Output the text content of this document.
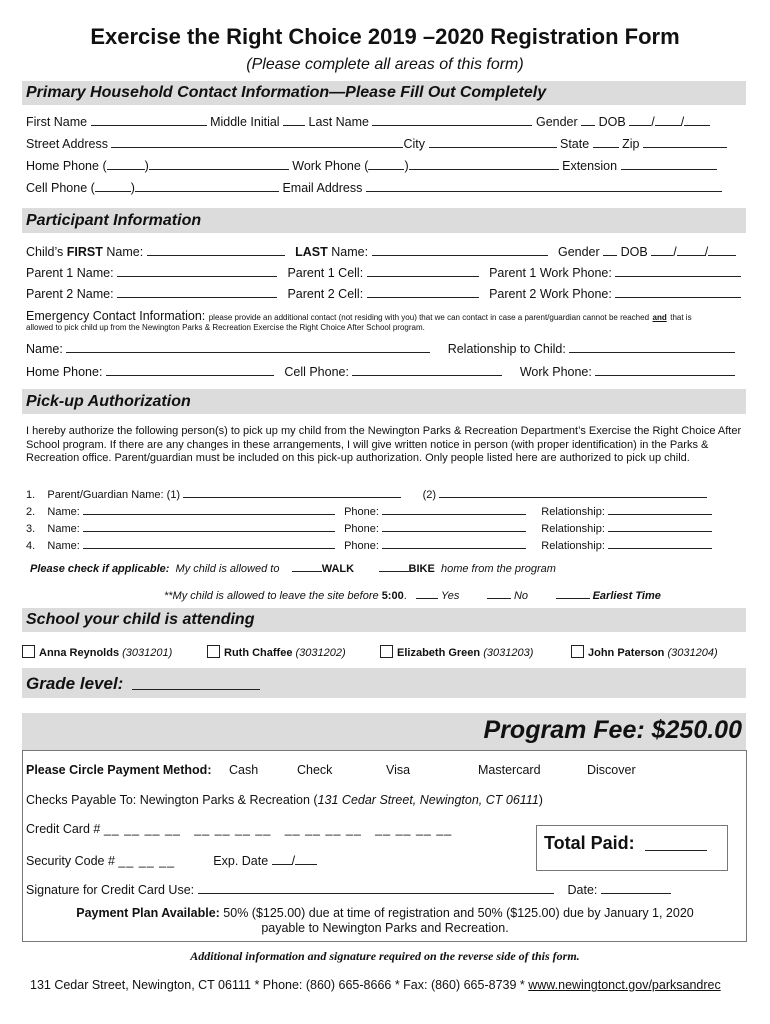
Exercise the Right Choice 2019 –2020 Registration Form
(Please complete all areas of this form)
Primary Household Contact Information—Please Fill Out Completely
First Name	Middle Initial Last Name	Gender DOB / /
Street Address	City	State	Zip
Home Phone (	)	Work Phone (	)	Extension
Cell Phone (	)	Email Address
Participant Information
Child’s FIRST Name:	LAST Name:	Gender DOB / /
Parent 1 Name:	Parent 1 Cell:	Parent 1 Work Phone:
Parent 2 Name:	Parent 2 Cell:	Parent 2 Work Phone:
Emergency Contact Information: please provide an additional contact (not residing with you) that we can contact in case a parent/guardian cannot be reached and that is
allowed to pick child up from the Newington Parks & Recreation Exercise the Right Choice After School program.
Name:	Relationship to Child:
Home Phone:	Cell Phone:	Work Phone:
Pick-up Authorization
I hereby authorize the following person(s) to pick up my child from the Newington Parks & Recreation Department’s Exercise the Right Choice After School program. If there are any changes in these arrangements, I will give written notice in person (with proper identification) in the Parks & Recreation office. Parent/guardian must be included on this pick-up authorization. Only people listed here are authorized to pick up child.
1. Parent/Guardian Name: (1)	(2)
2. Name:	Phone:	Relationship:
3. Name:	Phone:	Relationship:
4. Name:	Phone:	Relationship:
Please check if applicable: My child is allowed to	WALK	BIKE home from the program
**My child is allowed to leave the site before 5:00.    Yes	No	Earliest Time
School your child is attending
Anna Reynolds (3031201)	Ruth Chaffee (3031202)	Elizabeth Green (3031203)	John Paterson (3031204)
Grade level:
Program Fee: $250.00
Please Circle Payment Method: Cash	Check	Visa	Mastercard	Discover
Checks Payable To: Newington Parks & Recreation (131 Cedar Street, Newington, CT 06111)
Credit Card # __ __ __ __   __ __ __ __   __ __ __ __   __ __ __ __
Total Paid:
Security Code # __ __ __	Exp. Date /
Signature for Credit Card Use:	Date:
Payment Plan Available: 50% ($125.00) due at time of registration and 50% ($125.00) due by January 1, 2020
payable to Newington Parks and Recreation.
Additional information and signature required on the reverse side of this form.
131 Cedar Street, Newington, CT 06111 * Phone: (860) 665-8666 * Fax: (860) 665-8739 * www.newingtonct.gov/parksandrec
